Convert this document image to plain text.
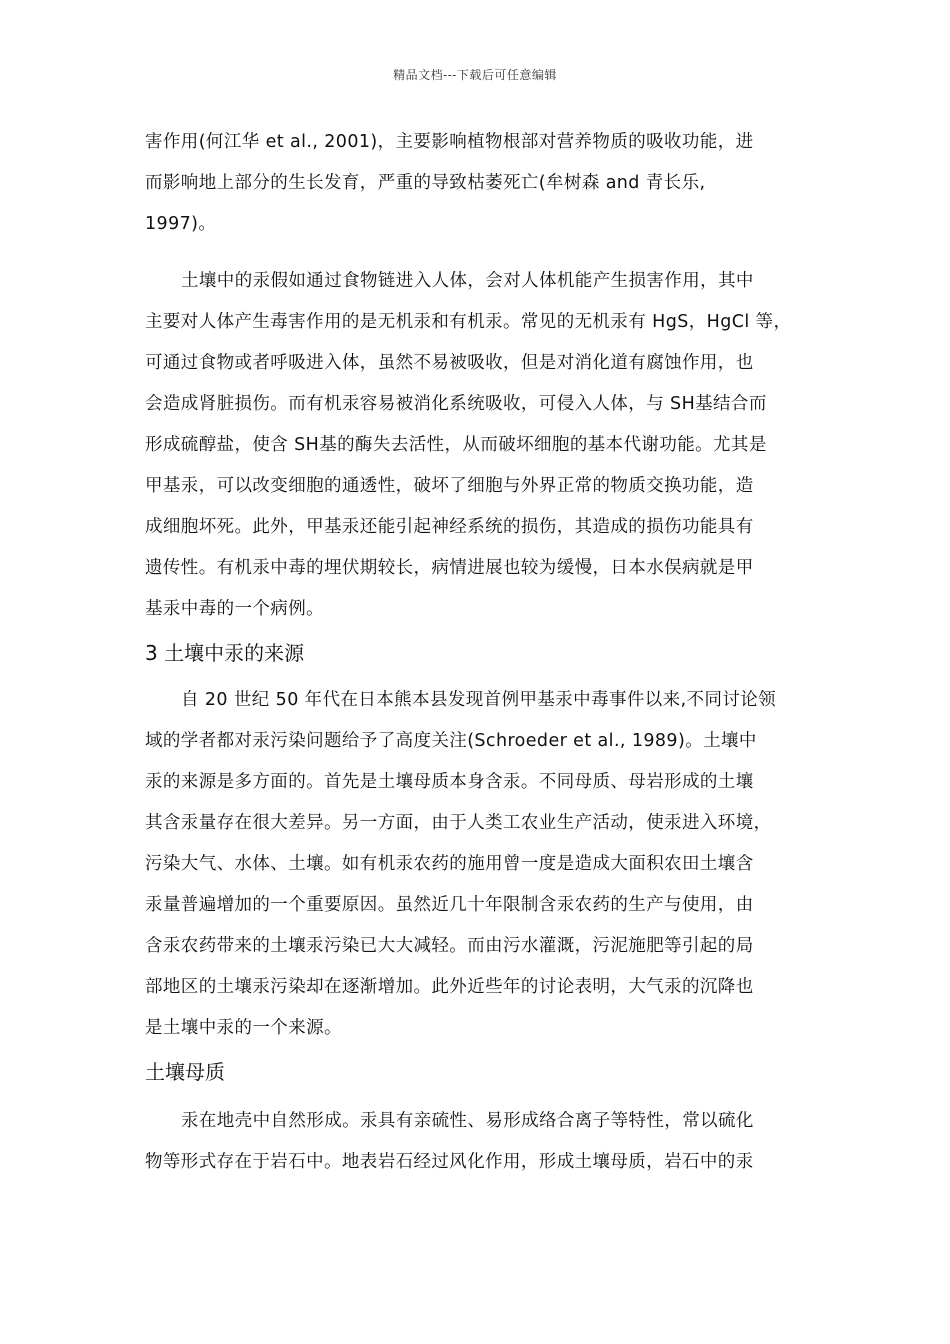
精品文档---下载后可任意编辑

害作用(何江华 et al., 2001)，主要影响植物根部对营养物质的吸收功能，进
而影响地上部分的生长发育，严重的导致枯萎死亡(牟树森 and 青长乐,
1997)。

土壤中的汞假如通过食物链进入人体，会对人体机能产生损害作用，其中
主要对人体产生毒害作用的是无机汞和有机汞。常见的无机汞有 HgS，HgCl 等，
可通过食物或者呼吸进入体，虽然不易被吸收，但是对消化道有腐蚀作用，也
会造成肾脏损伤。而有机汞容易被消化系统吸收，可侵入人体，与 SH基结合而
形成硫醇盐，使含 SH基的酶失去活性，从而破坏细胞的基本代谢功能。尤其是
甲基汞，可以改变细胞的通透性，破坏了细胞与外界正常的物质交换功能，造
成细胞坏死。此外，甲基汞还能引起神经系统的损伤，其造成的损伤功能具有
遗传性。有机汞中毒的埋伏期较长，病情进展也较为缓慢，日本水俣病就是甲
基汞中毒的一个病例。

3 土壤中汞的来源

自 20 世纪 50 年代在日本熊本县发现首例甲基汞中毒事件以来,不同讨论领
域的学者都对汞污染问题给予了高度关注(Schroeder et al., 1989)。土壤中
汞的来源是多方面的。首先是土壤母质本身含汞。不同母质、母岩形成的土壤
其含汞量存在很大差异。另一方面，由于人类工农业生产活动，使汞进入环境，
污染大气、水体、土壤。如有机汞农药的施用曾一度是造成大面积农田土壤含
汞量普遍增加的一个重要原因。虽然近几十年限制含汞农药的生产与使用，由
含汞农药带来的土壤汞污染已大大减轻。而由污水灌溉，污泥施肥等引起的局
部地区的土壤汞污染却在逐渐增加。此外近些年的讨论表明，大气汞的沉降也
是土壤中汞的一个来源。

土壤母质

汞在地壳中自然形成。汞具有亲硫性、易形成络合离子等特性，常以硫化
物等形式存在于岩石中。地表岩石经过风化作用，形成土壤母质，岩石中的汞
